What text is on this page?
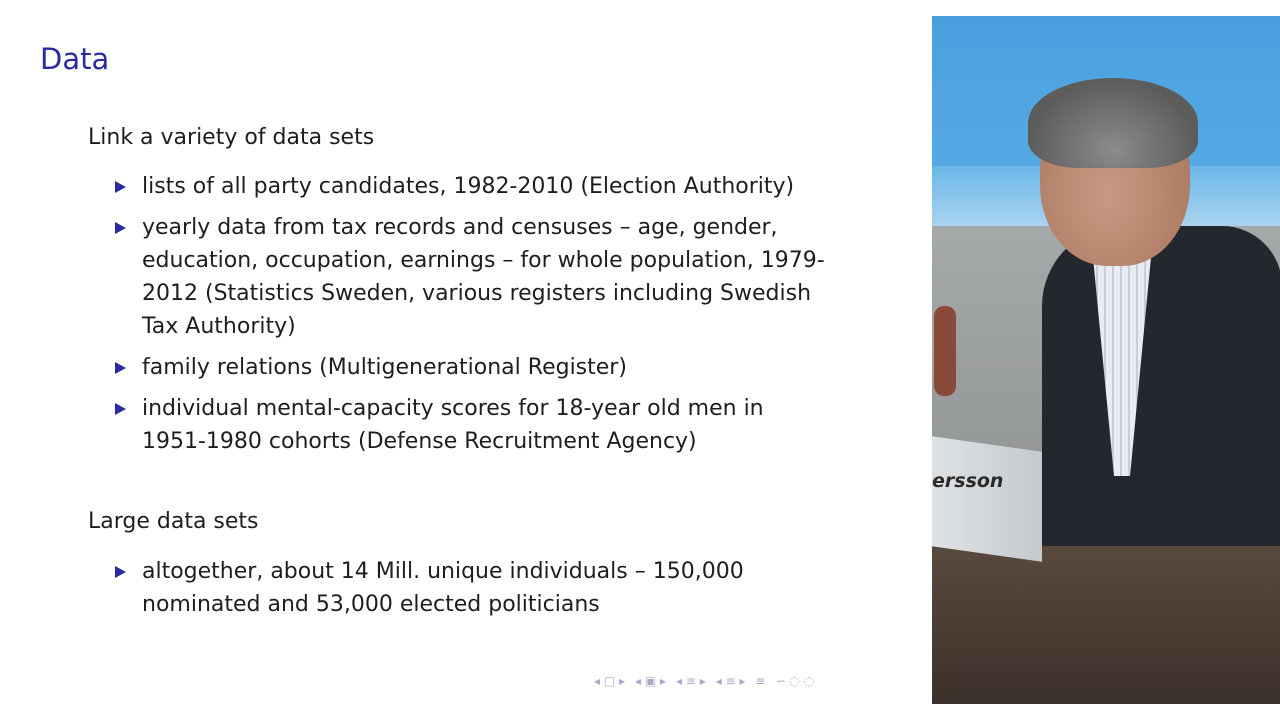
Data
Link a variety of data sets
lists of all party candidates, 1982-2010 (Election Authority)
yearly data from tax records and censuses – age, gender, education, occupation, earnings – for whole population, 1979-2012 (Statistics Sweden, various registers including Swedish Tax Authority)
family relations (Multigenerational Register)
individual mental-capacity scores for 18-year old men in 1951-1980 cohorts (Defense Recruitment Agency)
Large data sets
altogether, about 14 Mill. unique individuals – 150,000 nominated and 53,000 elected politicians
◂ □ ▸ ◂ ▣ ▸ ◂ ≡ ▸ ◂ ≡ ▸ ≡ ∽ ◌ ◌
ersson
